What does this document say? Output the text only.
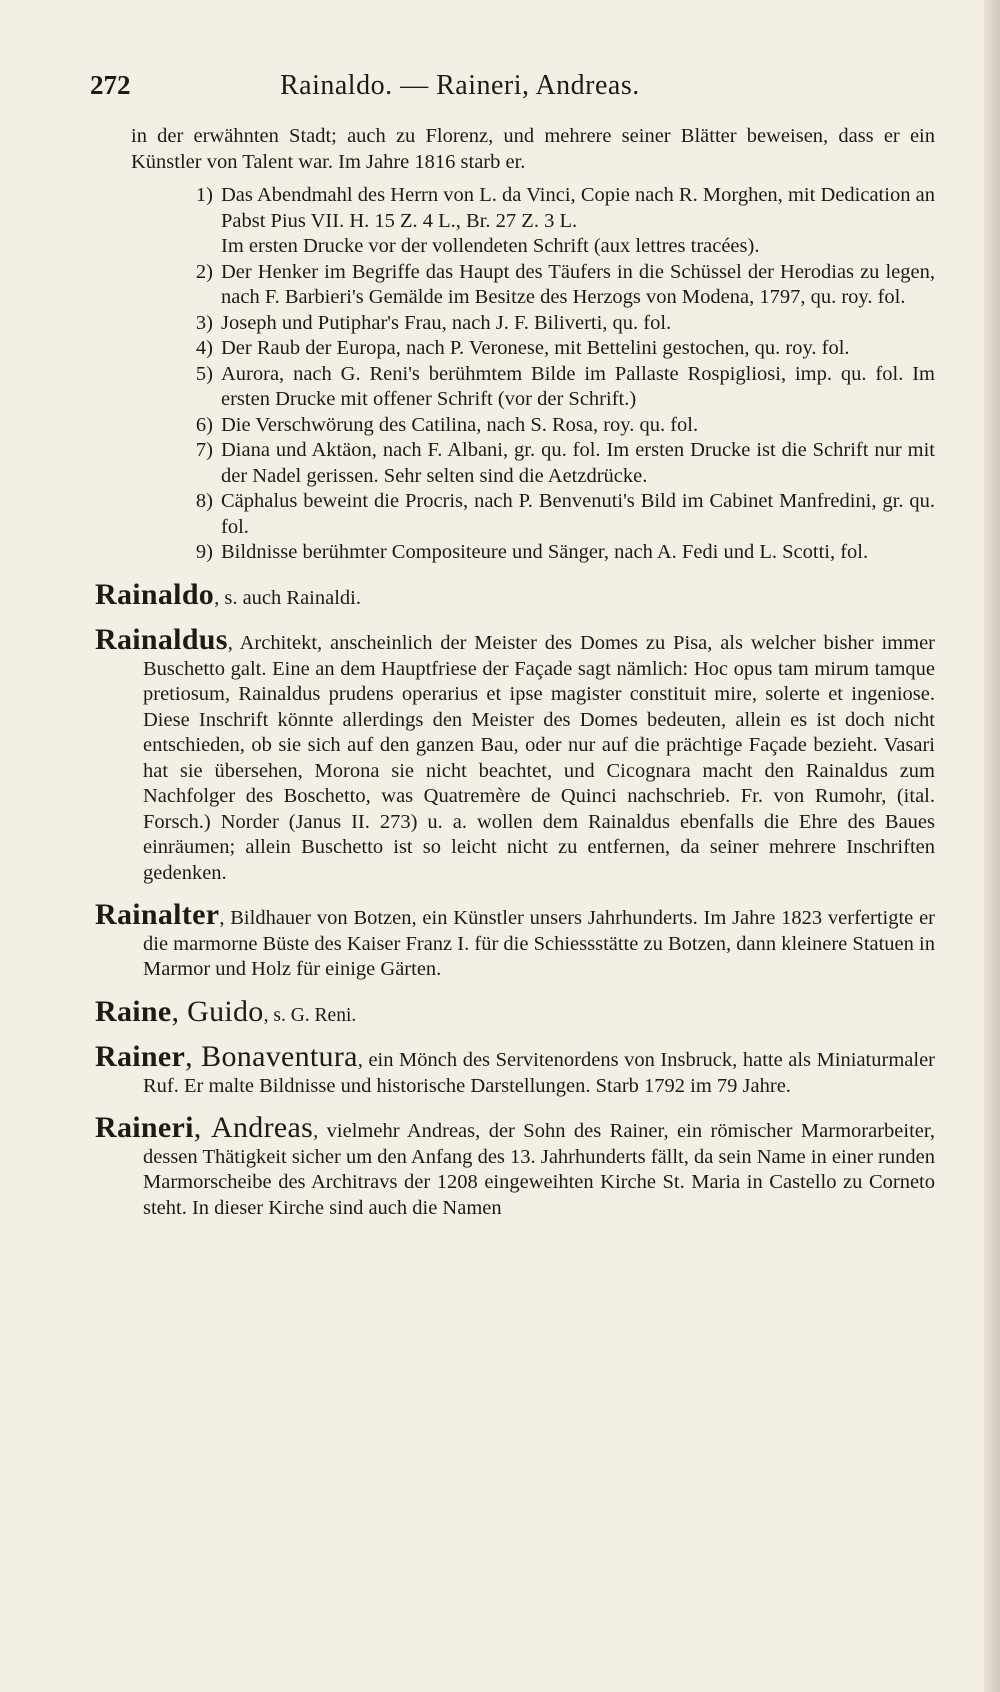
272	Rainaldo. — Raineri, Andreas.

in der erwähnten Stadt; auch zu Florenz, und mehrere seiner Blätter beweisen, dass er ein Künstler von Talent war. Im Jahre 1816 starb er.

1) Das Abendmahl des Herrn von L. da Vinci, Copie nach R. Morghen, mit Dedication an Pabst Pius VII. H. 15 Z. 4 L., Br. 27 Z. 3 L.

Im ersten Drucke vor der vollendeten Schrift (aux lettres tracées).

2) Der Henker im Begriffe das Haupt des Täufers in die Schüssel der Herodias zu legen, nach F. Barbieri's Gemälde im Besitze des Herzogs von Modena, 1797, qu. roy. fol.

3) Joseph und Putiphar's Frau, nach J. F. Biliverti, qu. fol.

4) Der Raub der Europa, nach P. Veronese, mit Bettelini gestochen, qu. roy. fol.

5) Aurora, nach G. Reni's berühmtem Bilde im Pallaste Rospigliosi, imp. qu. fol. Im ersten Drucke mit offener Schrift (vor der Schrift.)

6) Die Verschwörung des Catilina, nach S. Rosa, roy. qu. fol.

7) Diana und Aktäon, nach F. Albani, gr. qu. fol. Im ersten Drucke ist die Schrift nur mit der Nadel gerissen. Sehr selten sind die Aetzdrücke.

8) Cäphalus beweint die Procris, nach P. Benvenuti's Bild im Cabinet Manfredini, gr. qu. fol.

9) Bildnisse berühmter Compositeure und Sänger, nach A. Fedi und L. Scotti, fol.

Rainaldo, s. auch Rainaldi.

Rainaldus, Architekt, anscheinlich der Meister des Domes zu Pisa, als welcher bisher immer Buschetto galt. Eine an dem Hauptfriese der Façade sagt nämlich: Hoc opus tam mirum tamque pretiosum, Rainaldus prudens operarius et ipse magister constituit mire, solerte et ingeniose. Diese Inschrift könnte allerdings den Meister des Domes bedeuten, allein es ist doch nicht entschieden, ob sie sich auf den ganzen Bau, oder nur auf die prächtige Façade bezieht. Vasari hat sie übersehen, Morona sie nicht beachtet, und Cicognara macht den Rainaldus zum Nachfolger des Boschetto, was Quatremère de Quinci nachschrieb. Fr. von Rumohr, (ital. Forsch.) Norder (Janus II. 273) u. a. wollen dem Rainaldus ebenfalls die Ehre des Baues einräumen; allein Buschetto ist so leicht nicht zu entfernen, da seiner mehrere Inschriften gedenken.

Rainalter, Bildhauer von Botzen, ein Künstler unsers Jahrhunderts. Im Jahre 1823 verfertigte er die marmorne Büste des Kaiser Franz I. für die Schiessstätte zu Botzen, dann kleinere Statuen in Marmor und Holz für einige Gärten.

Raine, Guido, s. G. Reni.

Rainer, Bonaventura, ein Mönch des Servitenordens von Insbruck, hatte als Miniaturmaler Ruf. Er malte Bildnisse und historische Darstellungen. Starb 1792 im 79 Jahre.

Raineri, Andreas, vielmehr Andreas, der Sohn des Rainer, ein römischer Marmorarbeiter, dessen Thätigkeit sicher um den Anfang des 13. Jahrhunderts fällt, da sein Name in einer runden Marmorscheibe des Architravs der 1208 eingeweihten Kirche St. Maria in Castello zu Corneto steht. In dieser Kirche sind auch die Namen
